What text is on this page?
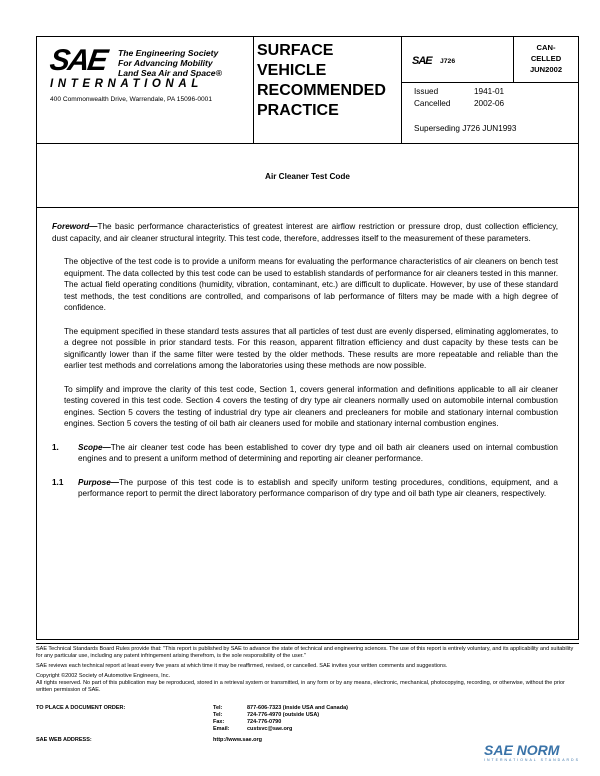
SAE The Engineering Society
For Advancing Mobility
Land Sea Air and Space®
INTERNATIONAL
400 Commonwealth Drive, Warrendale, PA 15096-0001
SURFACE
VEHICLE
RECOMMENDED
PRACTICE
SAE J726
CAN-
CELLED
JUN2002
Issued	1941-01
Cancelled	2002-06
Superseding J726 JUN1993
Air Cleaner Test Code

Foreword—The basic performance characteristics of greatest interest are airflow restriction or pressure drop, dust collection efficiency, dust capacity, and air cleaner structural integrity. This test code, therefore, addresses itself to the measurement of these parameters.

The objective of the test code is to provide a uniform means for evaluating the performance characteristics of air cleaners on bench test equipment. The data collected by this test code can be used to establish standards of performance for air cleaners tested in this manner. The actual field operating conditions (humidity, vibration, contaminant, etc.) are difficult to duplicate. However, by use of these standard test methods, the test conditions are controlled, and comparisons of lab performance of filters may be made with a high degree of confidence.

The equipment specified in these standard tests assures that all particles of test dust are evenly dispersed, eliminating agglomerates, to a degree not possible in prior standard tests. For this reason, apparent filtration efficiency and dust capacity by these tests can be significantly lower than if the same filter were tested by the older methods. These results are more repeatable and reliable than the earlier test methods and correlations among the laboratories using these methods are now possible.

To simplify and improve the clarity of this test code, Section 1, covers general information and definitions applicable to all air cleaner testing covered in this test code. Section 4 covers the testing of dry type air cleaners normally used on automobile internal combustion engines. Section 5 covers the testing of industrial dry type air cleaners and precleaners for mobile and stationary internal combustion engines. Section 5 covers the testing of oil bath air cleaners used for mobile and stationary internal combustion engines.

1.	Scope—The air cleaner test code has been established to cover dry type and oil bath air cleaners used on internal combustion engines and to present a uniform method of determining and reporting air cleaner performance.
1.1	Purpose—The purpose of this test code is to establish and specify uniform testing procedures, conditions, equipment, and a performance report to permit the direct laboratory performance comparison of dry type and oil bath type air cleaners, respectively.

SAE Technical Standards Board Rules provide that: "This report is published by SAE to advance the state of technical and engineering sciences. The use of this report is entirely voluntary, and its applicability and suitability for any particular use, including any patent infringement arising therefrom, is the sole responsibility of the user."

SAE reviews each technical report at least every five years at which time it may be reaffirmed, revised, or cancelled. SAE invites your written comments and suggestions.

Copyright ©2002 Society of Automotive Engineers, Inc.

All rights reserved. No part of this publication may be reproduced, stored in a retrieval system or transmitted, in any form or by any means, electronic, mechanical, photocopying, recording, or otherwise, without the prior written permission of SAE.

TO PLACE A DOCUMENT ORDER:	Tel:	877-606-7323 (inside USA and Canada)
Tel:	724-776-4970 (outside USA)
Fax:	724-776-0790
Email:	custsvc@sae.org
SAE WEB ADDRESS:	http://www.sae.org
SAE NORM
INTERNATIONAL STANDARDS
